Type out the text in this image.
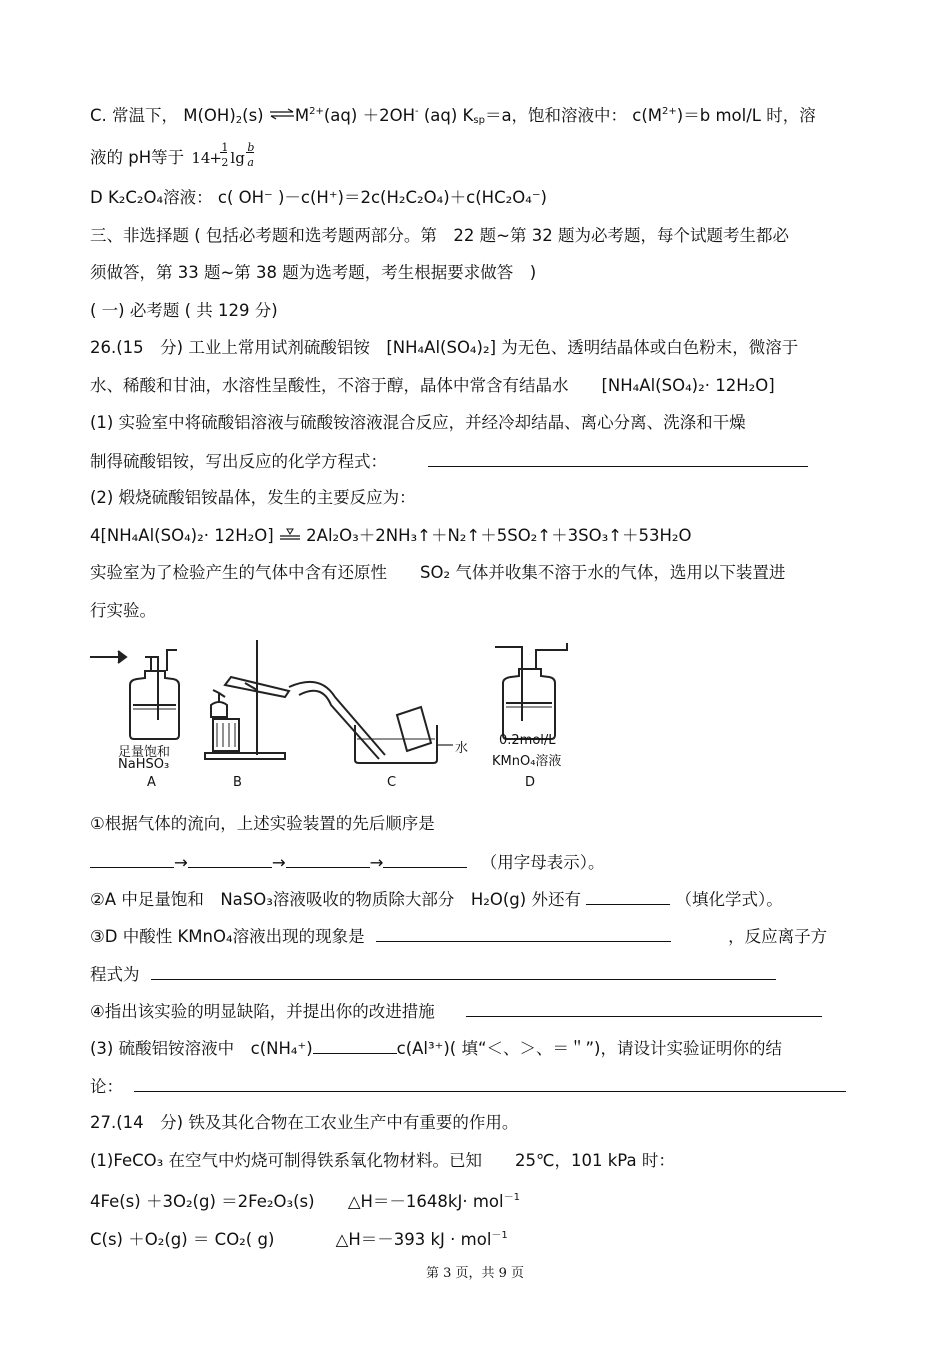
C. 常温下， $M(OH)_2(s)$ $\rightleftharpoons M^{2+}(aq) +2OH^-$ (aq) $K_{sp}=a$，饱和溶液中： $c(M^{2+})=b$ mol/L 时，溶
液的 pH等于 14
+
1
2 lg
b
a
D K₂C₂O₄溶液： c( OH⁻ )－c(H⁺)＝2c(H₂C₂O₄)＋c(HC₂O₄⁻)
三、非选择题 ( 包括必考题和选考题两部分。第　22 题~第 32 题为必考题，每个试题考生都必
须做答，第 33 题~第 38 题为选考题，考生根据要求做答　)
( 一) 必考题 ( 共 129 分)
26.(15　分) 工业上常用试剂硫酸铝铵　[NH₄Al(SO₄)₂] 为无色、透明结晶体或白色粉末，微溶于
水、稀酸和甘油，水溶性呈酸性，不溶于醇，晶体中常含有结晶水　　[NH₄Al(SO₄)₂· 12H₂O]
(1) 实验室中将硫酸铝溶液与硫酸铵溶液混合反应，并经冷却结晶、离心分离、洗涤和干燥
制得硫酸铝铵，写出反应的化学方程式：
(2) 煅烧硫酸铝铵晶体，发生的主要反应为：
4[NH₄Al(SO₄)₂· 12H₂O] 2Al₂O₃＋2NH₃↑＋N₂↑＋5SO₂↑＋3SO₃↑＋53H₂O
实验室为了检验产生的气体中含有还原性　　SO₂ 气体并收集不溶于水的气体，选用以下装置进
行实验。
足量饱和
NaHSO₃
A	B	C
水
0.2mol/L
KMnO₄溶液
D
①根据气体的流向，上述实验装置的先后顺序是
→	→	→	（用字母表示）。
②A 中足量饱和　NaSO₃溶液吸收的物质除大部分　H₂O(g) 外还有	（填化学式）。
③D 中酸性 KMnO₄溶液出现的现象是	，反应离子方
程式为
④指出该实验的明显缺陷，并提出你的改进措施
(3) 硫酸铝铵溶液中　c(NH₄⁺)	c(Al³⁺)( 填“＜、＞、＝＂”)，请设计实验证明你的结
论：
27.(14　分) 铁及其化合物在工农业生产中有重要的作用。
(1)FeCO₃ 在空气中灼烧可制得铁系氧化物材料。已知　　25℃，101 kPa 时：
4Fe(s) ＋3O₂(g) ＝2Fe₂O₃(s) △H＝－1648kJ· mol$^{-1}$
C(s) ＋O₂(g) ＝ CO₂( g)	△H＝－393 kJ · mol$^{-1}$
第 3 页，共 9 页
